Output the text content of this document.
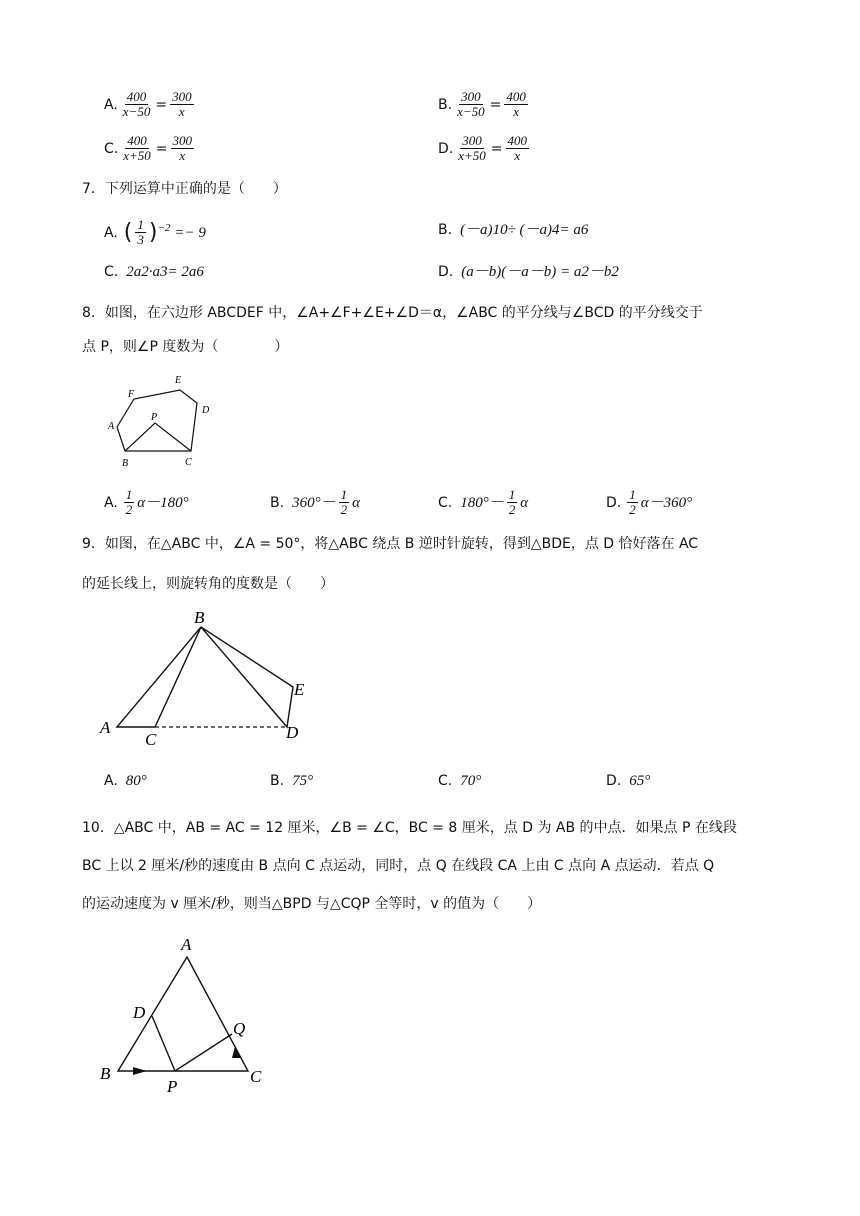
A. $\frac{400}{x-50} = \frac{300}{x}$	B. $\frac{300}{x-50} = \frac{400}{x}$
C. $\frac{400}{x+50} = \frac{300}{x}$	D. $\frac{300}{x+50} = \frac{400}{x}$
7．下列运算中正确的是（　　）
A. ( $\frac{1}{3} )^{-2} =- 9$	B. (－a) 10 ÷ (－a) 4 = a 6
C. 2a 2 · a 3 = 2a 6	D. (a－b)(－a－b) = a 2 －b 2
8．如图，在六边形 ABCDEF 中，∠A+∠F+∠E+∠D＝α，∠ABC 的平分线与∠BCD 的平分线交于
点 P，则∠P 度数为（　　　　）
F
E
D
A
P
B	C
A. $\frac{1}{2} \alpha-180^\circ$	B. $360^\circ- \frac{1}{2}$ α	C. $180^\circ- \frac{1}{2}$ α	D. $\frac{1}{2} \alpha-360^\circ$
9．如图，在△ABC 中，∠A = 50°，将△ABC 绕点 B 逆时针旋转，得到△BDE，点 D 恰好落在 AC
的延长线上，则旋转角的度数是（　　）
B
E
A
C	D
A. 80°	B. 75°	C. 70°	D. 65°
10．△ABC 中，AB = AC = 12 厘米，∠B = ∠C，BC = 8 厘米，点 D 为 AB 的中点．如果点 P 在线段
BC 上以 2 厘米/秒的速度由 B 点向 C 点运动，同时，点 Q 在线段 CA 上由 C 点向 A 点运动．若点 Q
的运动速度为 v 厘米/秒，则当△BPD 与△CQP 全等时，v 的值为（　　）
A
D
Q
B
P
C
